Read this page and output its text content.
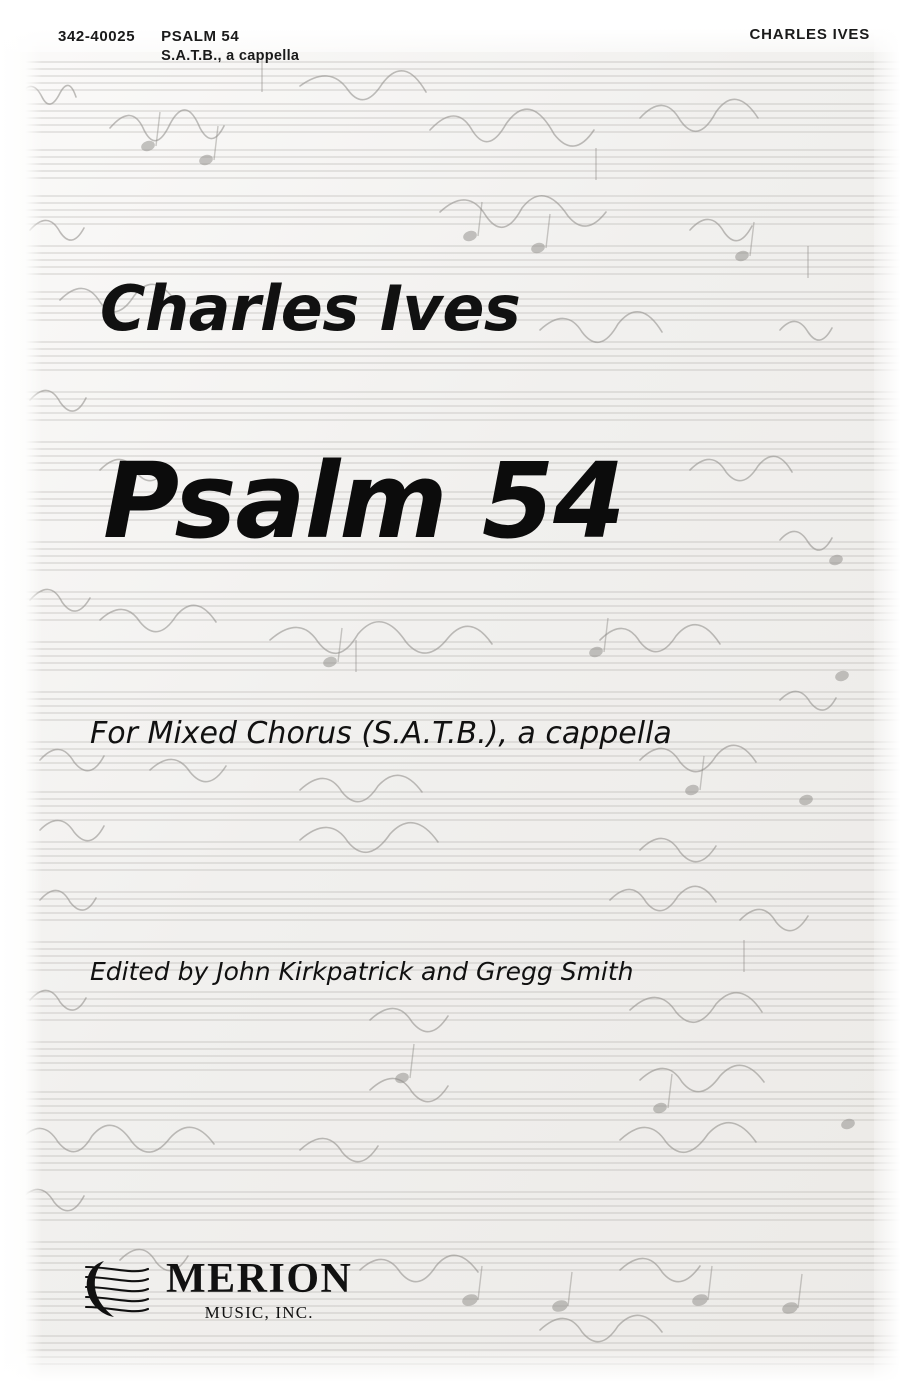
342-40025 PSALM 54
S.A.T.B., a cappella
CHARLES IVES
Charles Ives
Psalm 54
For Mixed Chorus (S.A.T.B.), a cappella
Edited by John Kirkpatrick and Gregg Smith
MERION
MUSIC, INC.
